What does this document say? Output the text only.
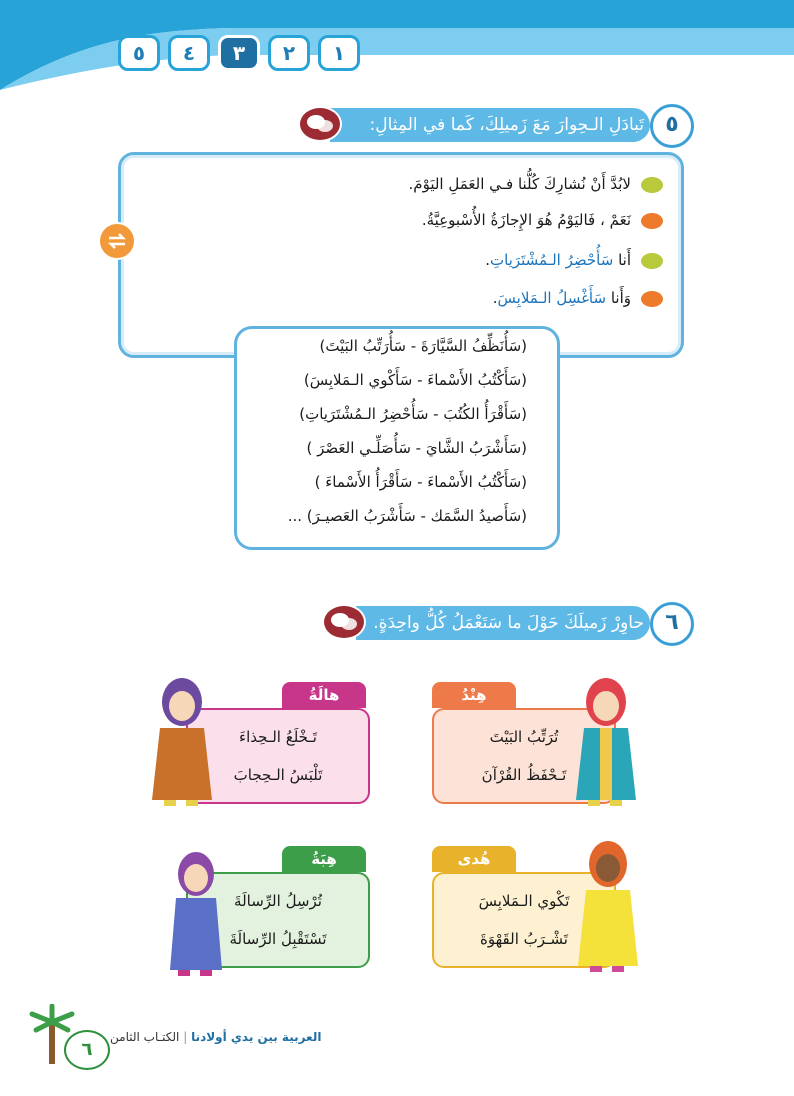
٥	٤	٣	٢	١
٥
تَبادَلِ الـحِوارَ مَعَ زَميلِكَ، كَما في المِثالِ:
لابُدَّ أَنْ نُشارِكَ كُلُّنا فـي العَمَلِ اليَوْمَ.
نَعَمْ ، فَاليَوْمُ هُوَ الإِجازَةُ الأُسْبوعِيَّةُ.
أَنا سَأُحْضِرُ الـمُشْتَرَياتِ.
وَأَنا سَأَغْسِلُ الـمَلابِسَ.
(سَأُنَظِّفُ السَّيَّارَةَ - سَأُرَتِّبُ البَيْتَ)
(سَأَكْتُبُ الأَسْماءَ - سَأَكْوي الـمَلابِسَ)
(سَأَقْرَأُ الكُتُبَ - سَأُحْضِرُ الـمُشْتَرَياتِ)
(سَأَشْرَبُ الشَّايَ - سَأُصَلِّـي العَصْرَ )
(سَأَكْتُبُ الأَسْماءَ - سَأَقْرَأُ الأَسْماءَ )
(سَأَصيدُ السَّمَك - سَأَشْرَبُ العَصيـرَ) ...
٦
حاوِرْ زَميلَكَ حَوْلَ ما سَتَعْمَلُ كُلُّ واحِدَةٍ.
هالَةُ
تَـخْلَعُ الـحِذاءَ
تَلْبَسُ الـحِجابَ
هِنْدُ
تُرَتِّبُ البَيْتَ
تَـحْفَظُ القُرْآنَ
هِبَةُ
تُرْسِلُ الرِّسالَةَ
تَسْتَقْبِلُ الرِّسالَةَ
هُدى
تَكْوي الـمَلابِسَ
تَشْـرَبُ القَهْوَةَ
٦
العربية بين يدي أولادنا | الكتـاب الثامن
